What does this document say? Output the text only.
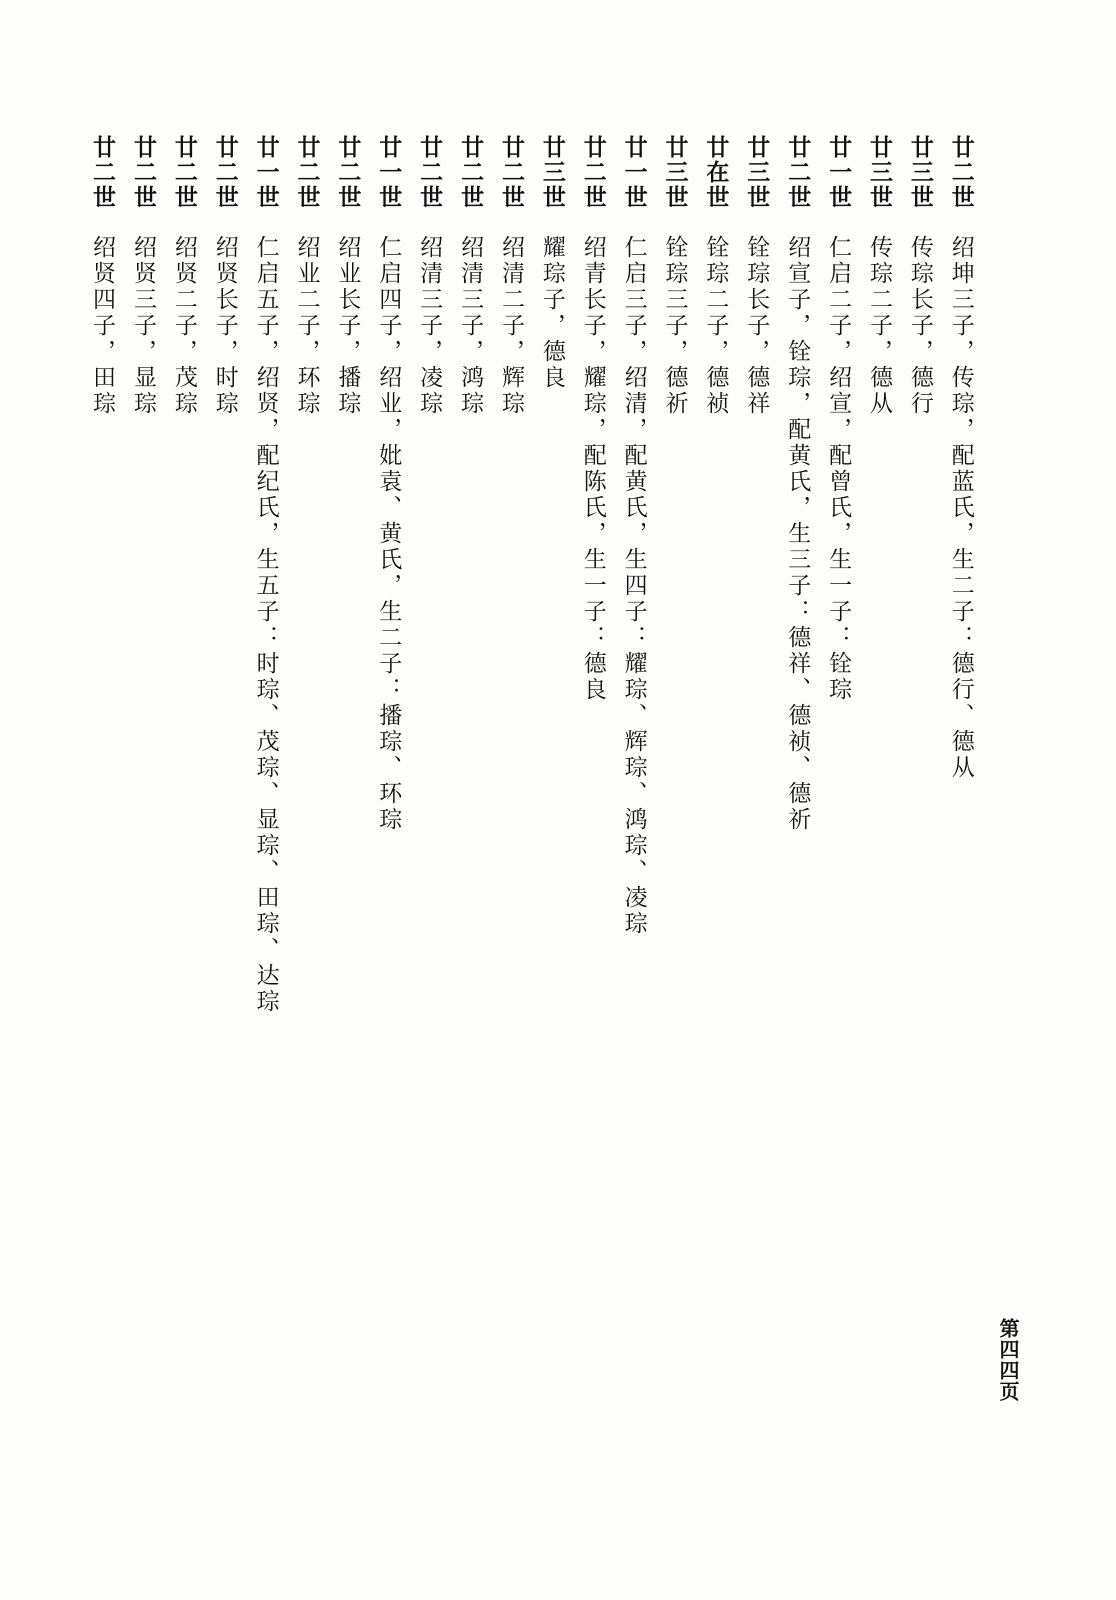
廿二世
绍坤三子，传琮，配蓝氏，生二子：德行、德从
廿三世
传琮长子，德行
廿三世
传琮二子，德从
廿一世
仁启二子，绍宣，配曾氏，生一子：铨琮
廿二世
绍宣子，铨琮，配黄氏，生三子：德祥、德祯、德祈
廿三世
铨琮长子，德祥
廿在世
铨琮二子，德祯
廿三世
铨琮三子，德祈
廿一世
仁启三子，绍清，配黄氏，生四子：耀琮、辉琮、鸿琮、凌琮
廿二世
绍青长子，耀琮，配陈氏，生一子：德良
廿三世
耀琮子，德良
廿二世
绍清二子，辉琮
廿二世
绍清三子，鸿琮
廿二世
绍清三子，凌琮
廿一世
仁启四子，绍业，妣袁、黄氏，生二子：播琮、环琮
廿二世
绍业长子，播琮
廿二世
绍业二子，环琮
廿一世
仁启五子，绍贤，配纪氏，生五子：时琮、茂琮、显琮、田琮、达琮
廿二世
绍贤长子，时琮
廿二世
绍贤二子，茂琮
廿二世
绍贤三子，显琮
廿二世
绍贤四子，田琮
第四四页
